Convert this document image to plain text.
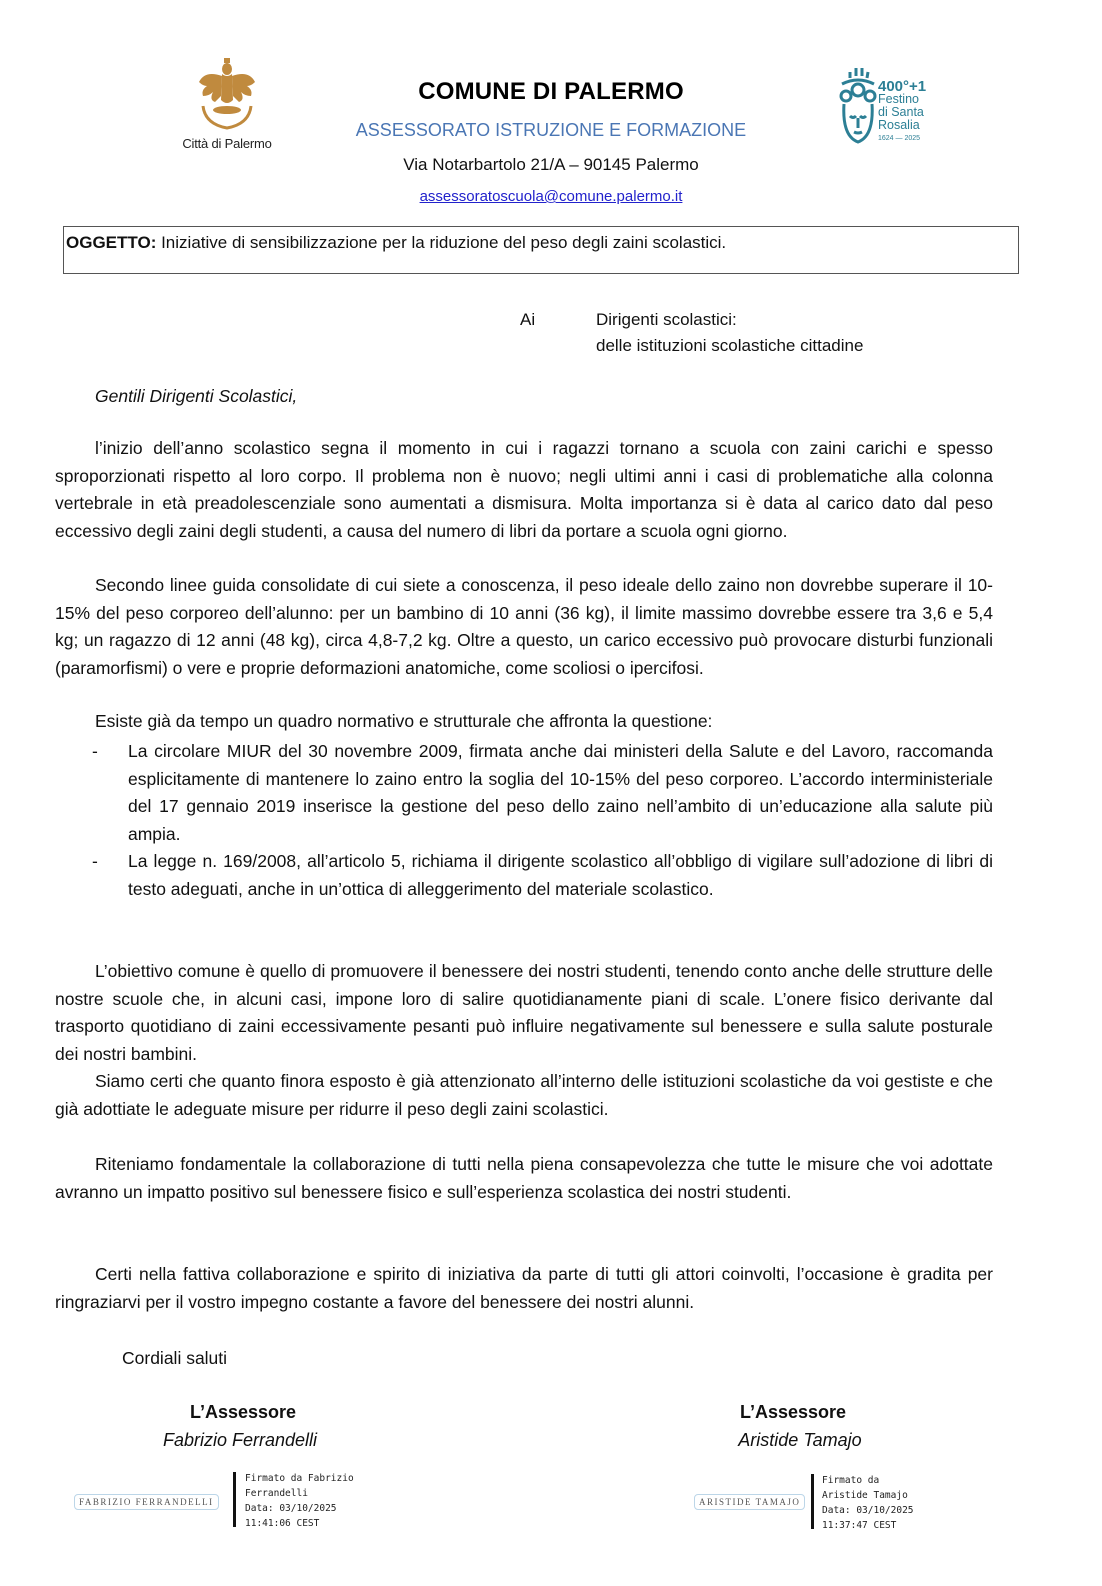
Città di Palermo
COMUNE DI PALERMO
ASSESSORATO ISTRUZIONE E FORMAZIONE
Via Notarbartolo 21/A – 90145 Palermo
assessoratoscuola@comune.palermo.it
400°+1
Festino
di Santa
Rosalia
1624 — 2025
OGGETTO: Iniziative di sensibilizzazione per la riduzione del peso degli zaini scolastici.
Ai	Dirigenti scolastici:
delle istituzioni scolastiche cittadine
Gentili Dirigenti Scolastici,

l’inizio dell’anno scolastico segna il momento in cui i ragazzi tornano a scuola con zaini carichi e spesso sproporzionati rispetto al loro corpo. Il problema non è nuovo; negli ultimi anni i casi di problematiche alla colonna vertebrale in età preadolescenziale sono aumentati a dismisura. Molta importanza si è data al carico dato dal peso eccessivo degli zaini degli studenti, a causa del numero di libri da portare a scuola ogni giorno.

Secondo linee guida consolidate di cui siete a conoscenza, il peso ideale dello zaino non dovrebbe superare il 10-15% del peso corporeo dell’alunno: per un bambino di 10 anni (36 kg), il limite massimo dovrebbe essere tra 3,6 e 5,4 kg; un ragazzo di 12 anni (48 kg), circa 4,8-7,2 kg. Oltre a questo, un carico eccessivo può provocare disturbi funzionali (paramorfismi) o vere e proprie deformazioni anatomiche, come scoliosi o ipercifosi.

Esiste già da tempo un quadro normativo e strutturale che affronta la questione:
- La circolare MIUR del 30 novembre 2009, firmata anche dai ministeri della Salute e del Lavoro, raccomanda esplicitamente di mantenere lo zaino entro la soglia del 10-15% del peso corporeo. L’accordo interministeriale del 17 gennaio 2019 inserisce la gestione del peso dello zaino nell’ambito di un’educazione alla salute più ampia.
- La legge n. 169/2008, all’articolo 5, richiama il dirigente scolastico all’obbligo di vigilare sull’adozione di libri di testo adeguati, anche in un’ottica di alleggerimento del materiale scolastico.

L’obiettivo comune è quello di promuovere il benessere dei nostri studenti, tenendo conto anche delle strutture delle nostre scuole che, in alcuni casi, impone loro di salire quotidianamente piani di scale. L’onere fisico derivante dal trasporto quotidiano di zaini eccessivamente pesanti può influire negativamente sul benessere e sulla salute posturale dei nostri bambini.

Siamo certi che quanto finora esposto è già attenzionato all’interno delle istituzioni scolastiche da voi gestiste e che già adottiate le adeguate misure per ridurre il peso degli zaini scolastici.

Riteniamo fondamentale la collaborazione di tutti nella piena consapevolezza che tutte le misure che voi adottate avranno un impatto positivo sul benessere fisico e sull’esperienza scolastica dei nostri studenti.

Certi nella fattiva collaborazione e spirito di iniziativa da parte di tutti gli attori coinvolti, l’occasione è gradita per ringraziarvi per il vostro impegno costante a favore del benessere dei nostri alunni.

Cordiali saluti
L’Assessore
Fabrizio Ferrandelli
FABRIZIO FERRANDELLI
Firmato da Fabrizio
Ferrandelli
Data: 03/10/2025
11:41:06 CEST
L’Assessore
Aristide Tamajo
ARISTIDE TAMAJO
Firmato da
Aristide Tamajo
Data: 03/10/2025
11:37:47 CEST
